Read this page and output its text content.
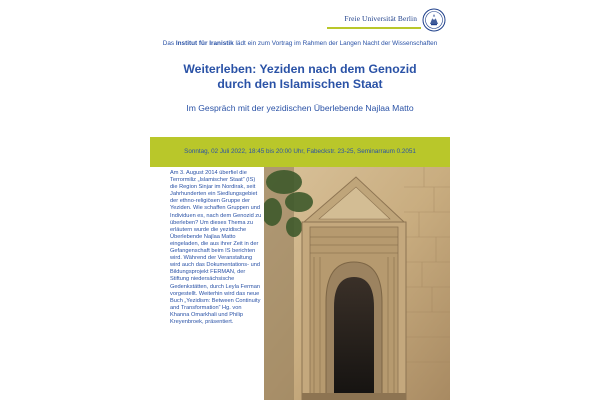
Freie Universität Berlin
Das Institut für Iranistik lädt ein zum Vortrag im Rahmen der Langen Nacht der Wissenschaften
Weiterleben: Yeziden nach dem Genozid
durch den Islamischen Staat
Im Gespräch mit der yezidischen Überlebende Najlaa Matto
Sonntag, 02 Juli 2022, 18:45 bis 20:00 Uhr, Fabeckstr. 23-25, Seminarraum 0.2051
Am 3. August 2014 überfiel die Terrormiliz „Islamischer Staat“ (IS) die Region Sinjar im Nordirak, seit Jahrhunderten ein Siedlungsgebiet der ethno-religiösen Gruppe der Yeziden. Wie schaffen Gruppen und Individuen es, nach dem Genozid zu überleben? Um dieses Thema zu erläutern wurde die yezidische Überlebende Najlaa Matto eingeladen, die aus ihrer Zeit in der Gefangenschaft beim IS berichten wird. Während der Veranstaltung wird auch das Dokumentations- und Bildungsprojekt FERMAN, der Stiftung niedersächsische Gedenkstätten, durch Leyla Ferman vorgestellt. Weiterhin wird das neue Buch „Yezidism: Between Continuity and Transformation“ Hg. von Khanna Omarkhali und Philip Kreyenbroek, präsentiert.
